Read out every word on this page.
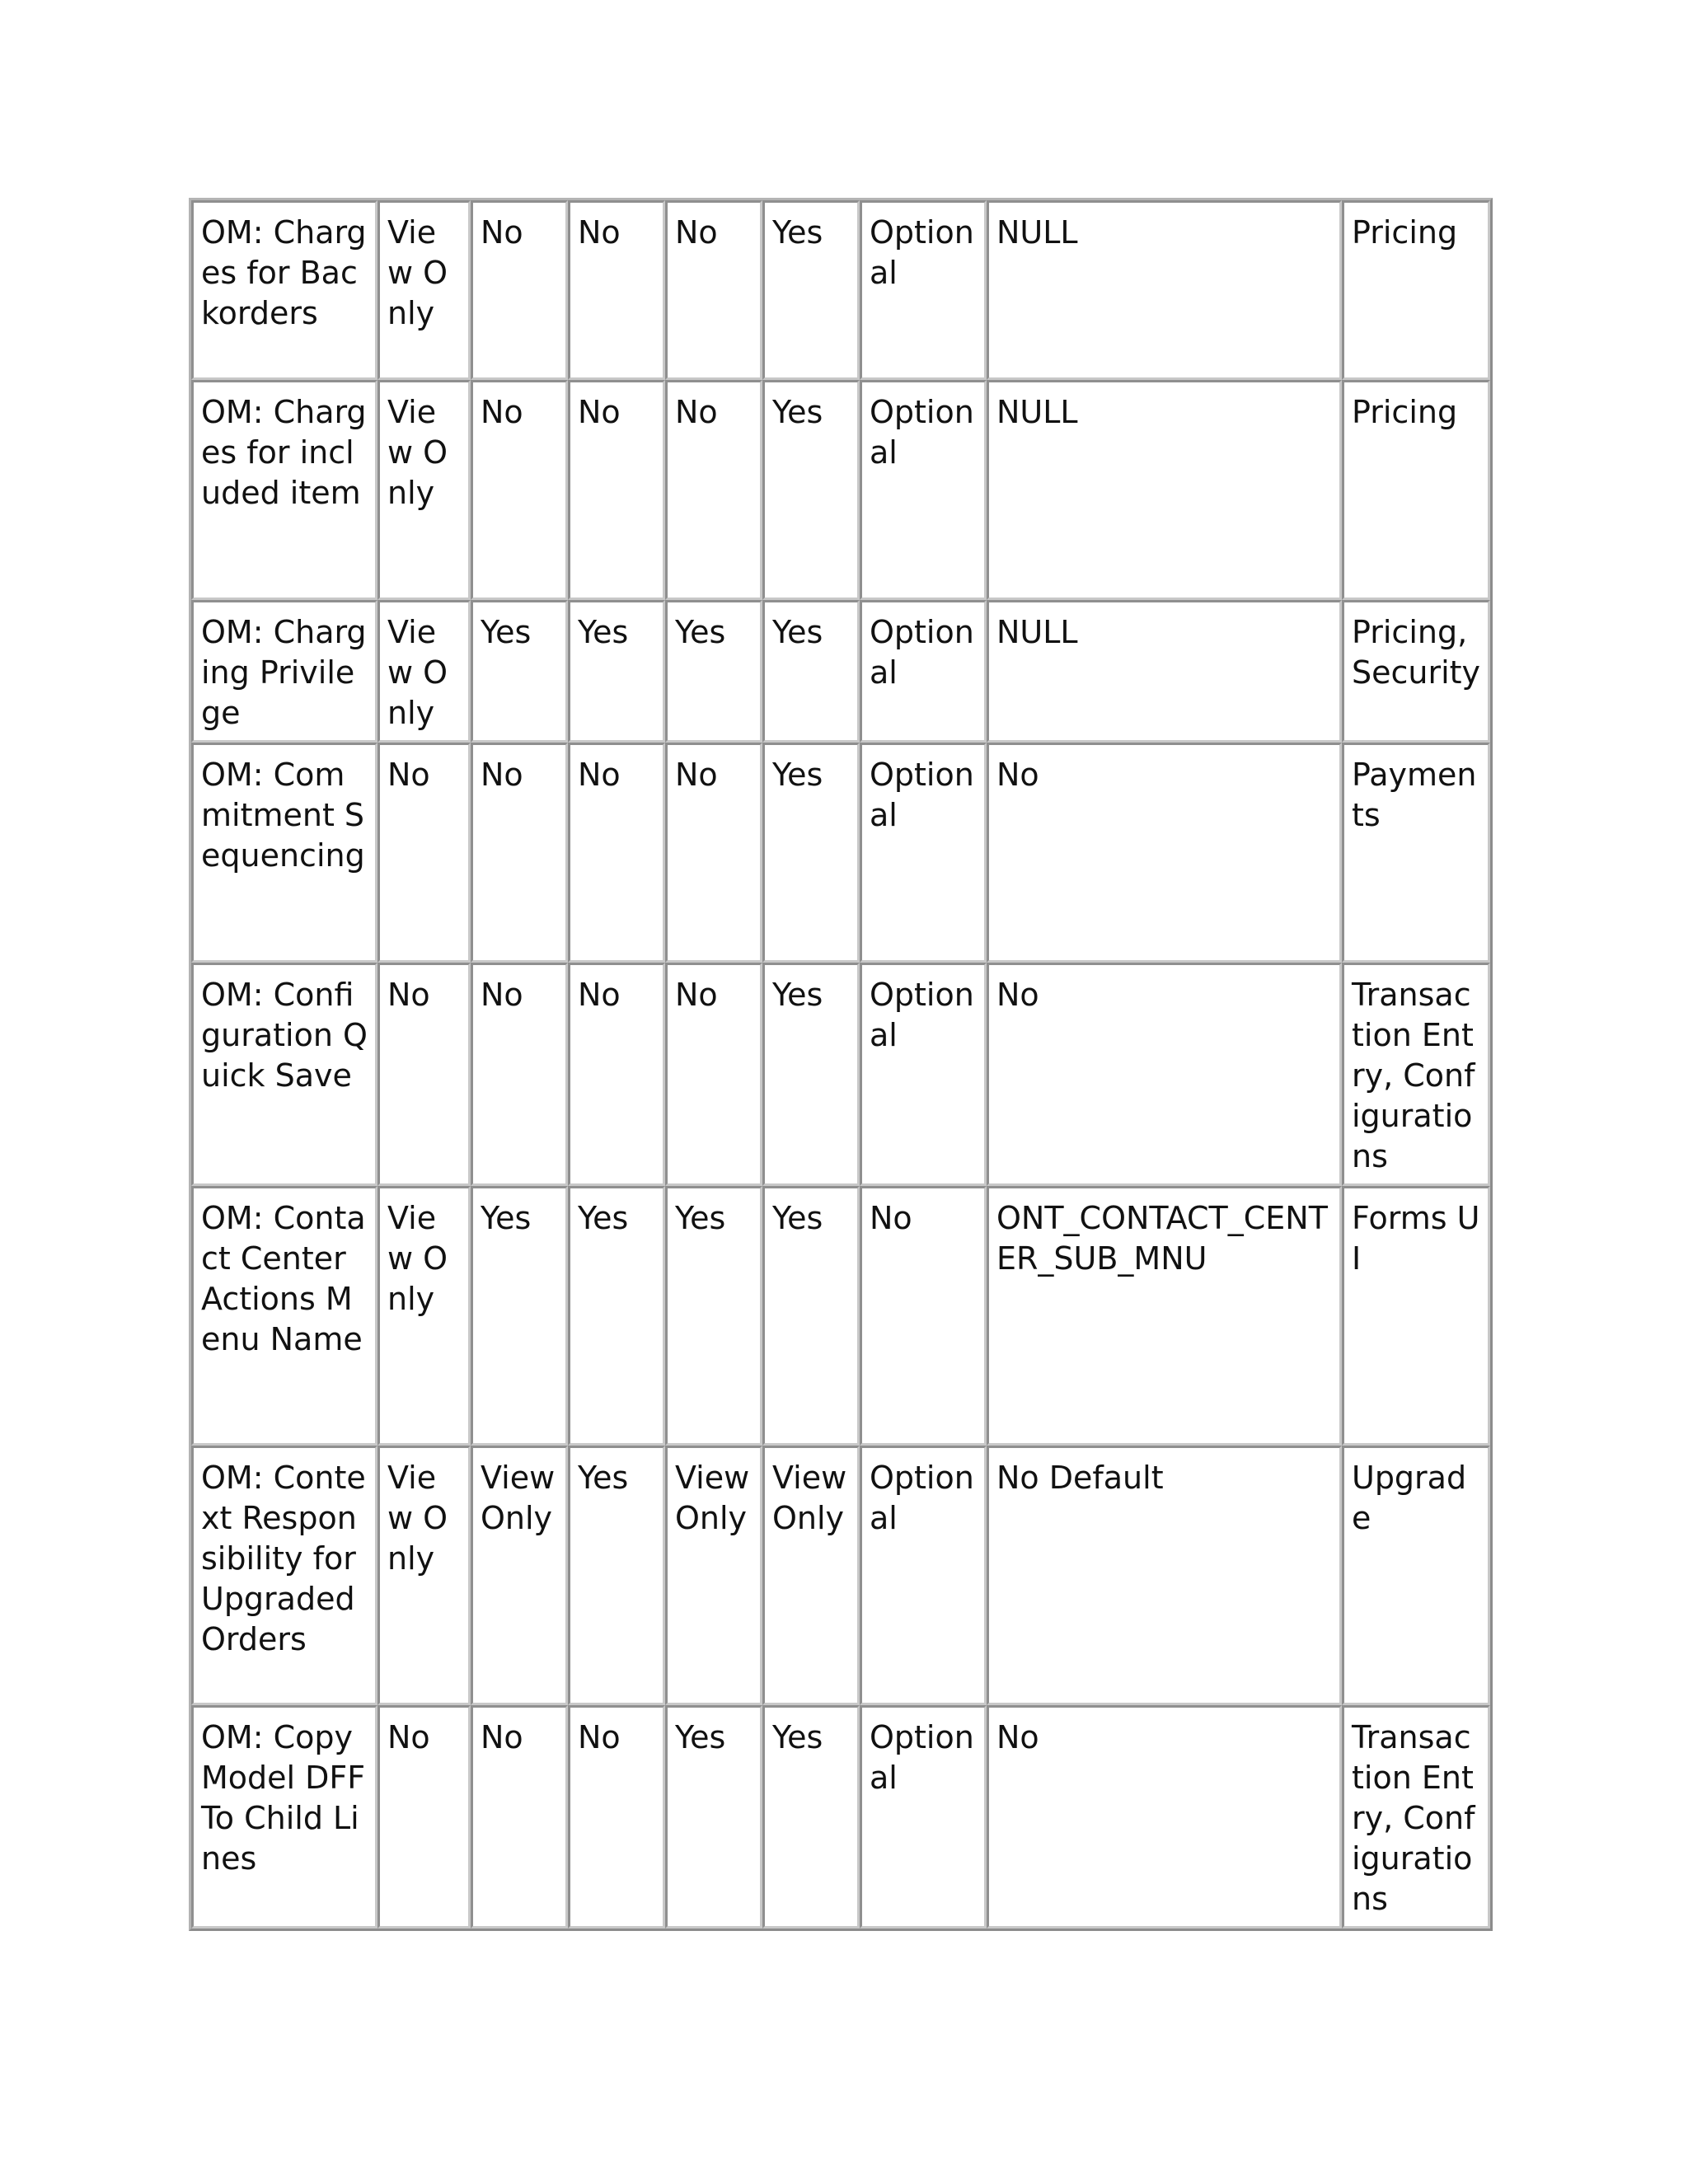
OM: Charges for Backorders	View Only	No	No	No	Yes	Optional	NULL	Pricing
OM: Charges for included item	View Only	No	No	No	Yes	Optional	NULL	Pricing
OM: Charging Privilege	View Only	Yes	Yes	Yes	Yes	Optional	NULL	Pricing, Security
OM: Commitment Sequencing	No	No	No	No	Yes	Optional	No	Payments
OM: Configuration Quick Save	No	No	No	No	Yes	Optional	No	Transaction Entry, Configurations
OM: Contact Center Actions Menu Name	View Only	Yes	Yes	Yes	Yes	No	ONT_CONTACT_CENTER_SUB_MNU	Forms UI
OM: Context Responsibility for Upgraded Orders	View Only	View Only	Yes	View Only	View Only	Optional	No Default	Upgrade
OM: Copy Model DFF To Child Lines	No	No	No	Yes	Yes	Optional	No	Transaction Entry, Configurations
